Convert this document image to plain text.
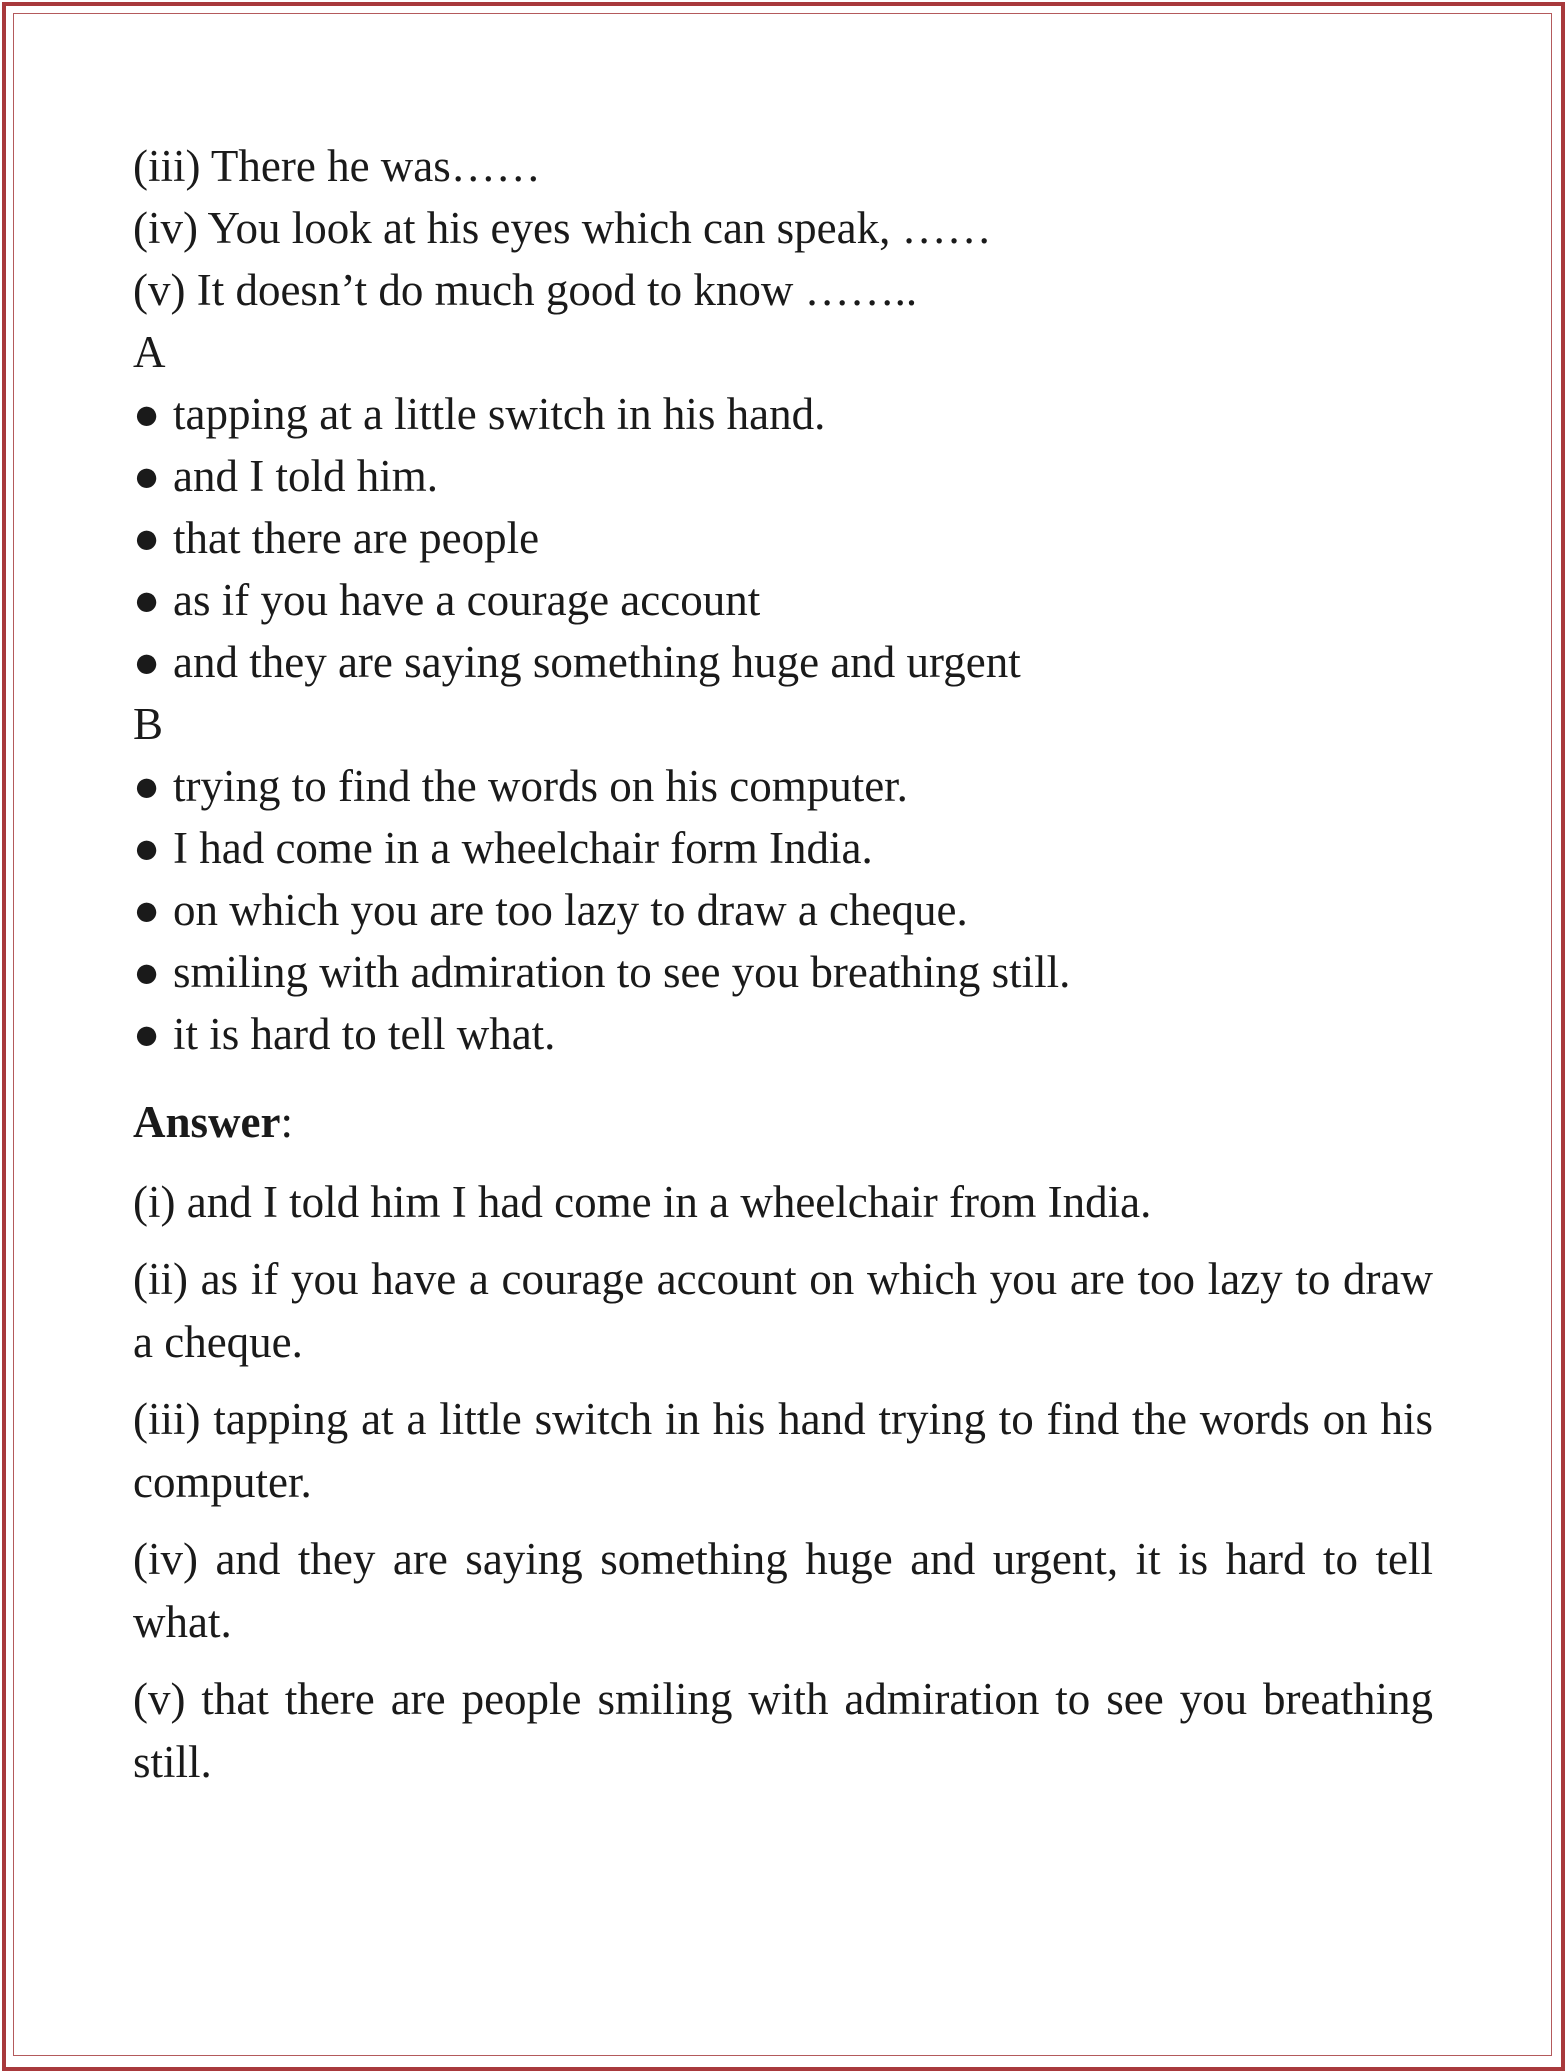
(iii) There he was……
(iv) You look at his eyes which can speak, ……
(v) It doesn’t do much good to know ……..
A
● tapping at a little switch in his hand.
● and I told him.
● that there are people
● as if you have a courage account
● and they are saying something huge and urgent
B
● trying to find the words on his computer.
● I had come in a wheelchair form India.
● on which you are too lazy to draw a cheque.
● smiling with admiration to see you breathing still.
● it is hard to tell what.
Answer:
(i) and I told him I had come in a wheelchair from India.
(ii) as if you have a courage account on which you are too lazy to draw a cheque.
(iii) tapping at a little switch in his hand trying to find the words on his computer.
(iv) and they are saying something huge and urgent, it is hard to tell what.
(v) that there are people smiling with admiration to see you breathing still.
